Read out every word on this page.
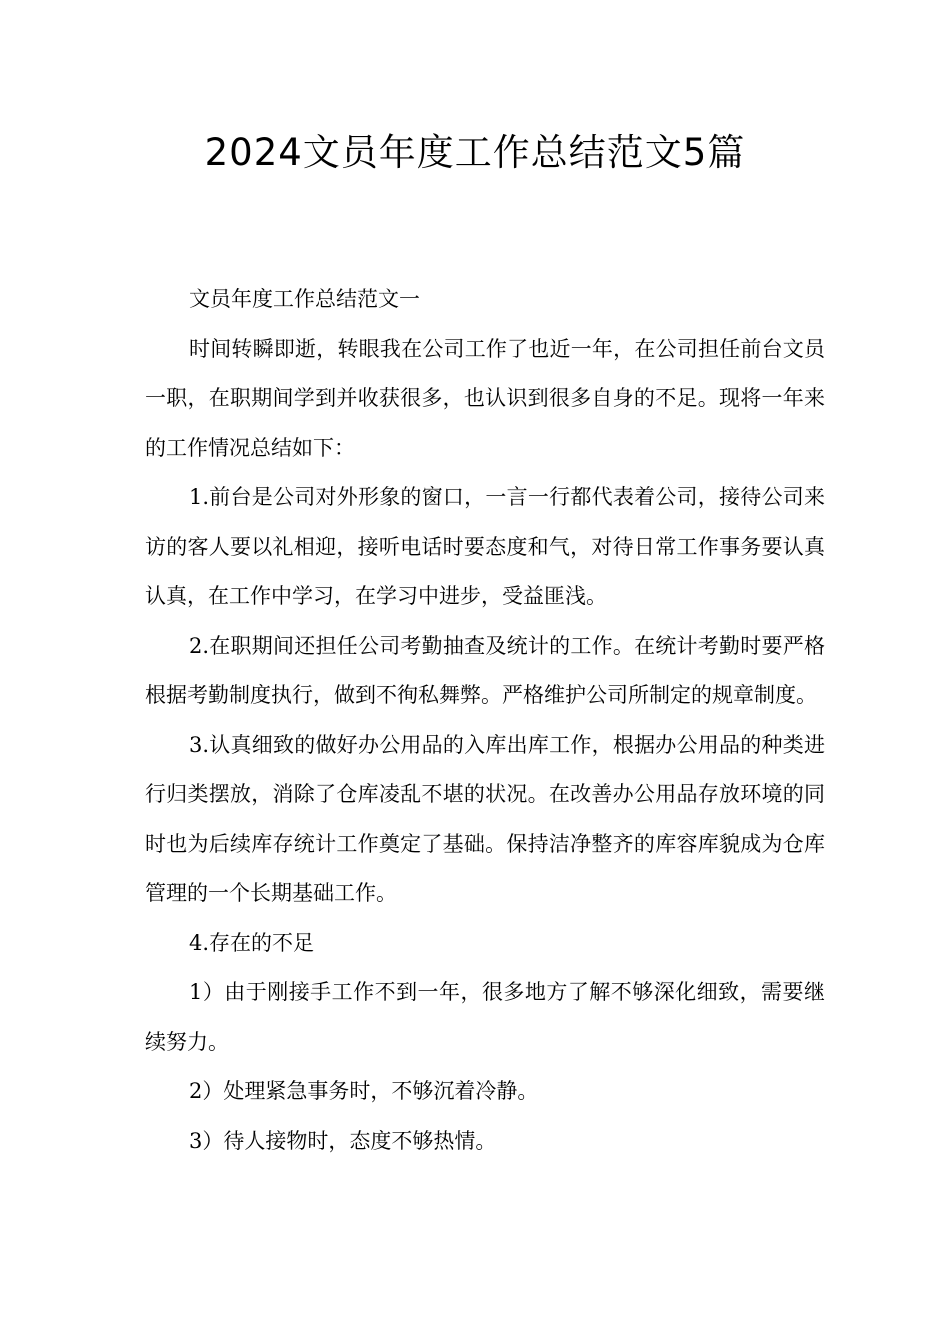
2024文员年度工作总结范文5篇

文员年度工作总结范文一

时间转瞬即逝，转眼我在公司工作了也近一年，在公司担任前台文员一职，在职期间学到并收获很多，也认识到很多自身的不足。现将一年来的工作情况总结如下：

1.前台是公司对外形象的窗口，一言一行都代表着公司，接待公司来访的客人要以礼相迎，接听电话时要态度和气，对待日常工作事务要认真认真，在工作中学习，在学习中进步，受益匪浅。

2.在职期间还担任公司考勤抽查及统计的工作。在统计考勤时要严格根据考勤制度执行，做到不徇私舞弊。严格维护公司所制定的规章制度。

3.认真细致的做好办公用品的入库出库工作，根据办公用品的种类进行归类摆放，消除了仓库凌乱不堪的状况。在改善办公用品存放环境的同时也为后续库存统计工作奠定了基础。保持洁净整齐的库容库貌成为仓库管理的一个长期基础工作。

4.存在的不足

1）由于刚接手工作不到一年，很多地方了解不够深化细致，需要继续努力。

2）处理紧急事务时，不够沉着冷静。

3）待人接物时，态度不够热情。
